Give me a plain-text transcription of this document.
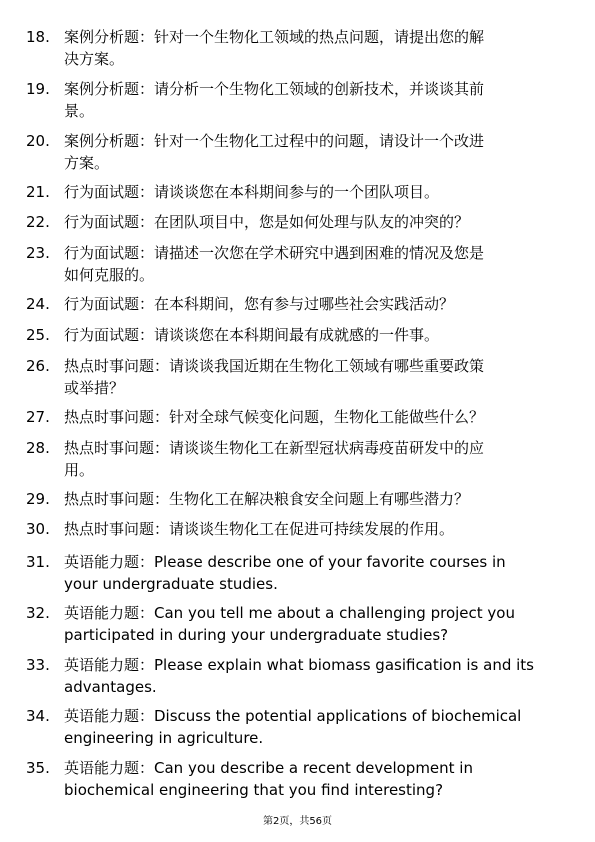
18. 案例分析题：针对一个生物化工领域的热点问题，请提出您的解
决方案。
19. 案例分析题：请分析一个生物化工领域的创新技术，并谈谈其前
景。
20. 案例分析题：针对一个生物化工过程中的问题，请设计一个改进
方案。
21. 行为面试题：请谈谈您在本科期间参与的一个团队项目。
22. 行为面试题：在团队项目中，您是如何处理与队友的冲突的？
23. 行为面试题：请描述一次您在学术研究中遇到困难的情况及您是
如何克服的。
24. 行为面试题：在本科期间，您有参与过哪些社会实践活动？
25. 行为面试题：请谈谈您在本科期间最有成就感的一件事。
26. 热点时事问题：请谈谈我国近期在生物化工领域有哪些重要政策
或举措？
27. 热点时事问题：针对全球气候变化问题，生物化工能做些什么？
28. 热点时事问题：请谈谈生物化工在新型冠状病毒疫苗研发中的应
用。
29. 热点时事问题：生物化工在解决粮食安全问题上有哪些潜力？
30. 热点时事问题：请谈谈生物化工在促进可持续发展的作用。
31. 英语能力题：Please describe one of your favorite courses in
your undergraduate studies.
32. 英语能力题：Can you tell me about a challenging project you
participated in during your undergraduate studies?
33. 英语能力题：Please explain what biomass gasification is and its
advantages.
34. 英语能力题：Discuss the potential applications of biochemical
engineering in agriculture.
35. 英语能力题：Can you describe a recent development in
biochemical engineering that you find interesting?
第2页，共56页
